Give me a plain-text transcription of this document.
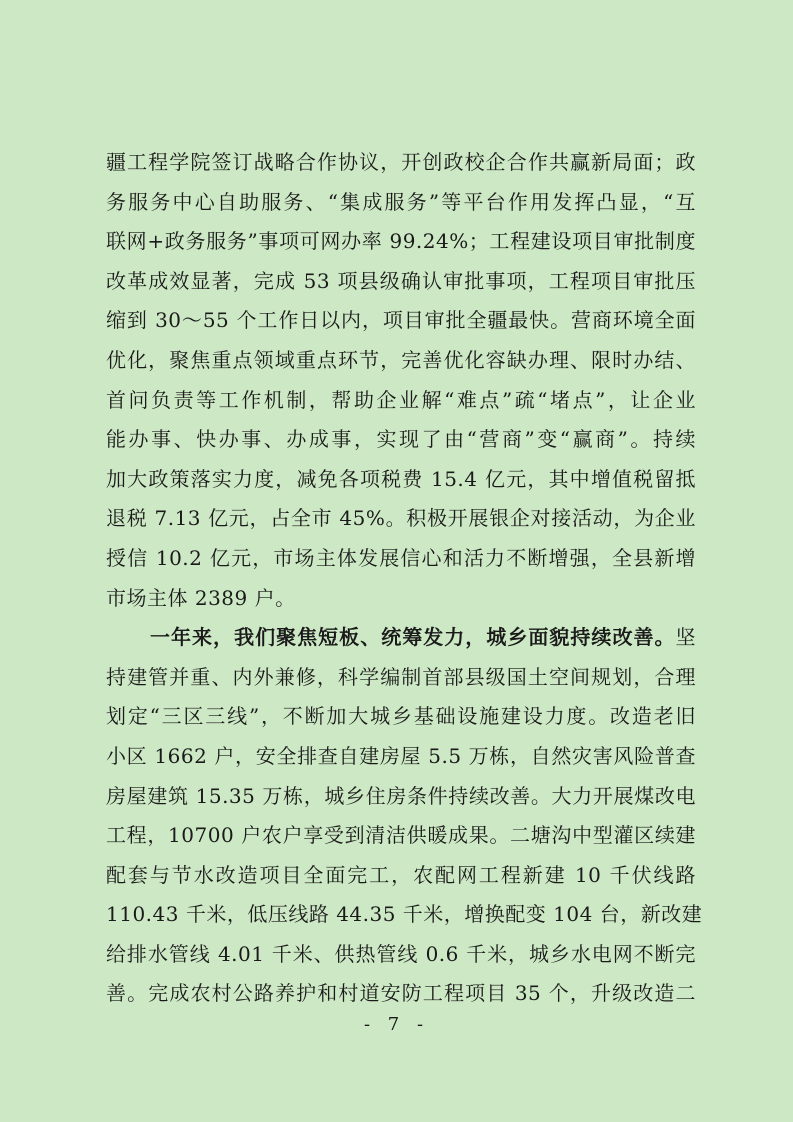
疆工程学院签订战略合作协议，开创政校企合作共赢新局面；政
务服务中心自助服务、“集成服务”等平台作用发挥凸显，“互
联网+政务服务”事项可网办率 99.24%；工程建设项目审批制度
改革成效显著，完成 53 项县级确认审批事项，工程项目审批压
缩到 30～55 个工作日以内，项目审批全疆最快。营商环境全面
优化，聚焦重点领域重点环节，完善优化容缺办理、限时办结、
首问负责等工作机制，帮助企业解“难点”疏“堵点”，让企业
能办事、快办事、办成事，实现了由“营商”变“赢商”。持续
加大政策落实力度，减免各项税费 15.4 亿元，其中增值税留抵
退税 7.13 亿元，占全市 45%。积极开展银企对接活动，为企业
授信 10.2 亿元，市场主体发展信心和活力不断增强，全县新增
市场主体 2389 户。
一年来，我们聚焦短板、统筹发力，城乡面貌持续改善。坚
持建管并重、内外兼修，科学编制首部县级国土空间规划，合理
划定“三区三线”，不断加大城乡基础设施建设力度。改造老旧
小区 1662 户，安全排查自建房屋 5.5 万栋，自然灾害风险普查
房屋建筑 15.35 万栋，城乡住房条件持续改善。大力开展煤改电
工程，10700 户农户享受到清洁供暖成果。二塘沟中型灌区续建
配套与节水改造项目全面完工，农配网工程新建 10 千伏线路
110.43 千米，低压线路 44.35 千米，增换配变 104 台，新改建
给排水管线 4.01 千米、供热管线 0.6 千米，城乡水电网不断完
善。完成农村公路养护和村道安防工程项目 35 个，升级改造二
- 7 -
